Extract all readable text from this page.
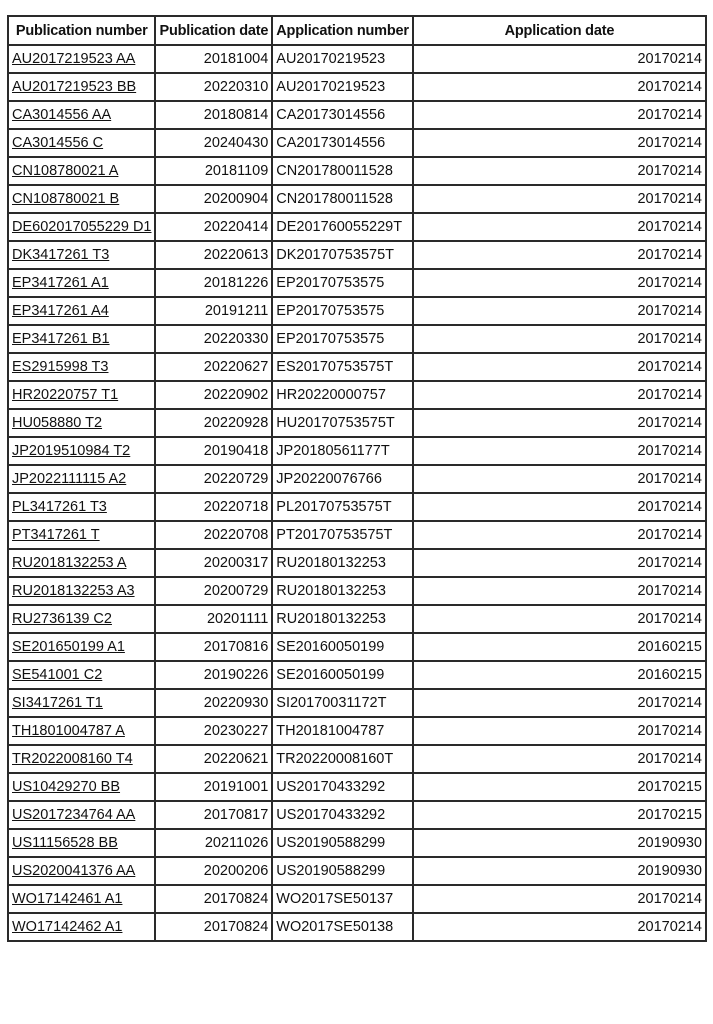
Publication number	Publication date	Application number	Application date
AU2017219523 AA	20181004	AU20170219523	20170214
AU2017219523 BB	20220310	AU20170219523	20170214
CA3014556 AA	20180814	CA20173014556	20170214
CA3014556 C	20240430	CA20173014556	20170214
CN108780021 A	20181109	CN201780011528	20170214
CN108780021 B	20200904	CN201780011528	20170214
DE602017055229 D1	20220414	DE201760055229T	20170214
DK3417261 T3	20220613	DK20170753575T	20170214
EP3417261 A1	20181226	EP20170753575	20170214
EP3417261 A4	20191211	EP20170753575	20170214
EP3417261 B1	20220330	EP20170753575	20170214
ES2915998 T3	20220627	ES20170753575T	20170214
HR20220757 T1	20220902	HR20220000757	20170214
HU058880 T2	20220928	HU20170753575T	20170214
JP2019510984 T2	20190418	JP20180561177T	20170214
JP2022111115 A2	20220729	JP20220076766	20170214
PL3417261 T3	20220718	PL20170753575T	20170214
PT3417261 T	20220708	PT20170753575T	20170214
RU2018132253 A	20200317	RU20180132253	20170214
RU2018132253 A3	20200729	RU20180132253	20170214
RU2736139 C2	20201111	RU20180132253	20170214
SE201650199 A1	20170816	SE20160050199	20160215
SE541001 C2	20190226	SE20160050199	20160215
SI3417261 T1	20220930	SI20170031172T	20170214
TH1801004787 A	20230227	TH20181004787	20170214
TR2022008160 T4	20220621	TR20220008160T	20170214
US10429270 BB	20191001	US20170433292	20170215
US2017234764 AA	20170817	US20170433292	20170215
US11156528 BB	20211026	US20190588299	20190930
US2020041376 AA	20200206	US20190588299	20190930
WO17142461 A1	20170824	WO2017SE50137	20170214
WO17142462 A1	20170824	WO2017SE50138	20170214
